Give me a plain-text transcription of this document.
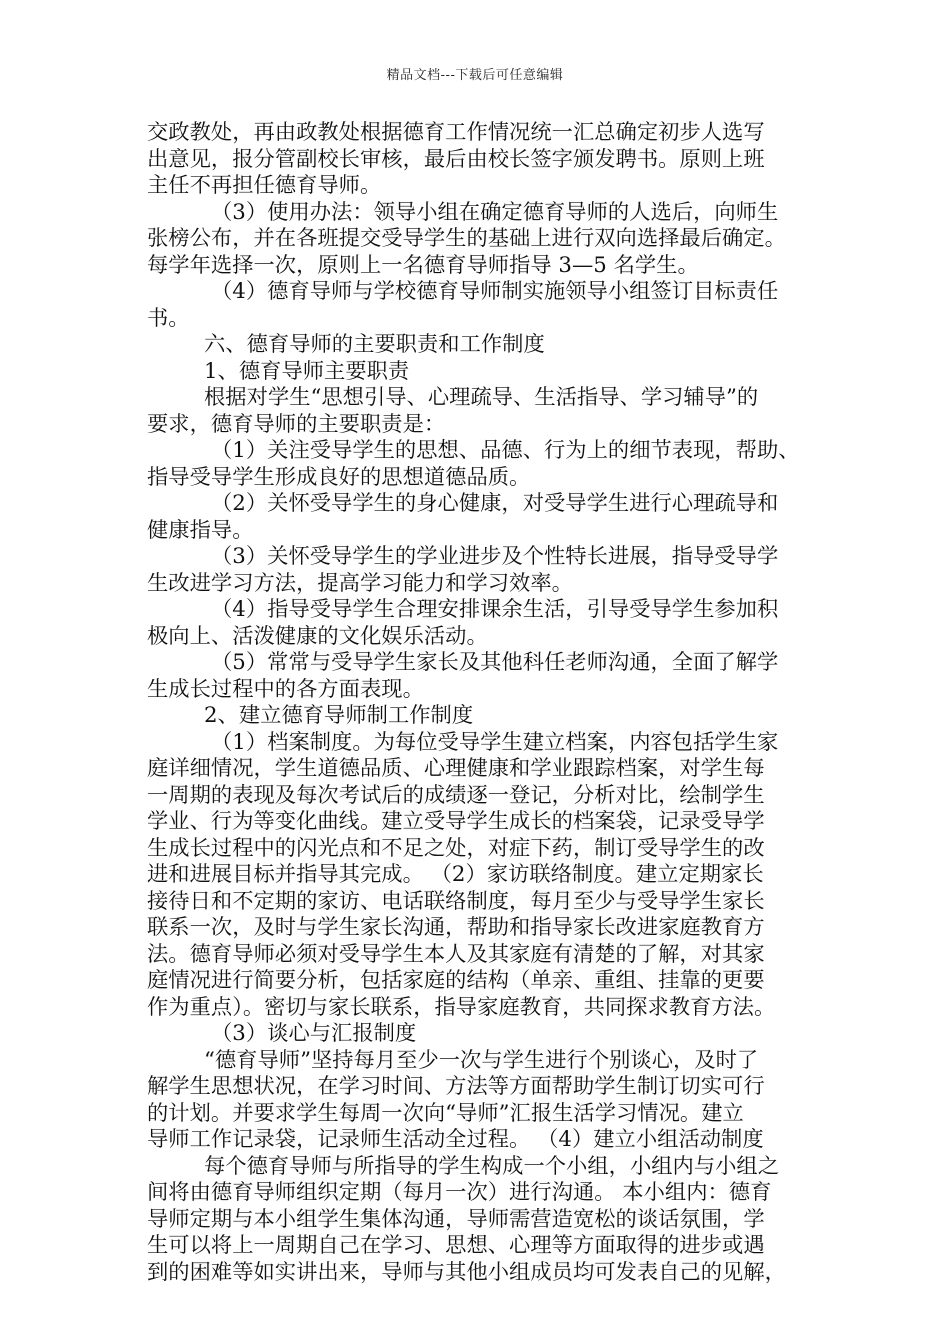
精品文档---下载后可任意编辑
交政教处，再由政教处根据德育工作情况统一汇总确定初步人选写
出意见，报分管副校长审核，最后由校长签字颁发聘书。原则上班
主任不再担任德育导师。
（3）使用办法：领导小组在确定德育导师的人选后，向师生
张榜公布，并在各班提交受导学生的基础上进行双向选择最后确定。
每学年选择一次，原则上一名德育导师指导 3—5 名学生。
（4）德育导师与学校德育导师制实施领导小组签订目标责任
书。
六、德育导师的主要职责和工作制度
1、德育导师主要职责
根据对学生“思想引导、心理疏导、生活指导、学习辅导”的
要求，德育导师的主要职责是：
（1）关注受导学生的思想、品德、行为上的细节表现，帮助、
指导受导学生形成良好的思想道德品质。
（2）关怀受导学生的身心健康，对受导学生进行心理疏导和
健康指导。
（3）关怀受导学生的学业进步及个性特长进展，指导受导学
生改进学习方法，提高学习能力和学习效率。
（4）指导受导学生合理安排课余生活，引导受导学生参加积
极向上、活泼健康的文化娱乐活动。
（5）常常与受导学生家长及其他科任老师沟通，全面了解学
生成长过程中的各方面表现。
2、建立德育导师制工作制度
（1）档案制度。为每位受导学生建立档案，内容包括学生家
庭详细情况，学生道德品质、心理健康和学业跟踪档案，对学生每
一周期的表现及每次考试后的成绩逐一登记，分析对比，绘制学生
学业、行为等变化曲线。建立受导学生成长的档案袋，记录受导学
生成长过程中的闪光点和不足之处，对症下药，制订受导学生的改
进和进展目标并指导其完成。 （2）家访联络制度。建立定期家长
接待日和不定期的家访、电话联络制度，每月至少与受导学生家长
联系一次，及时与学生家长沟通，帮助和指导家长改进家庭教育方
法。德育导师必须对受导学生本人及其家庭有清楚的了解，对其家
庭情况进行简要分析，包括家庭的结构（单亲、重组、挂靠的更要
作为重点）。密切与家长联系，指导家庭教育，共同探求教育方法。
（3）谈心与汇报制度
“德育导师”坚持每月至少一次与学生进行个别谈心，及时了
解学生思想状况，在学习时间、方法等方面帮助学生制订切实可行
的计划。并要求学生每周一次向“导师”汇报生活学习情况。建立
导师工作记录袋，记录师生活动全过程。 （4）建立小组活动制度
每个德育导师与所指导的学生构成一个小组，小组内与小组之
间将由德育导师组织定期（每月一次）进行沟通。 本小组内：德育
导师定期与本小组学生集体沟通，导师需营造宽松的谈话氛围，学
生可以将上一周期自己在学习、思想、心理等方面取得的进步或遇
到的困难等如实讲出来，导师与其他小组成员均可发表自己的见解，
